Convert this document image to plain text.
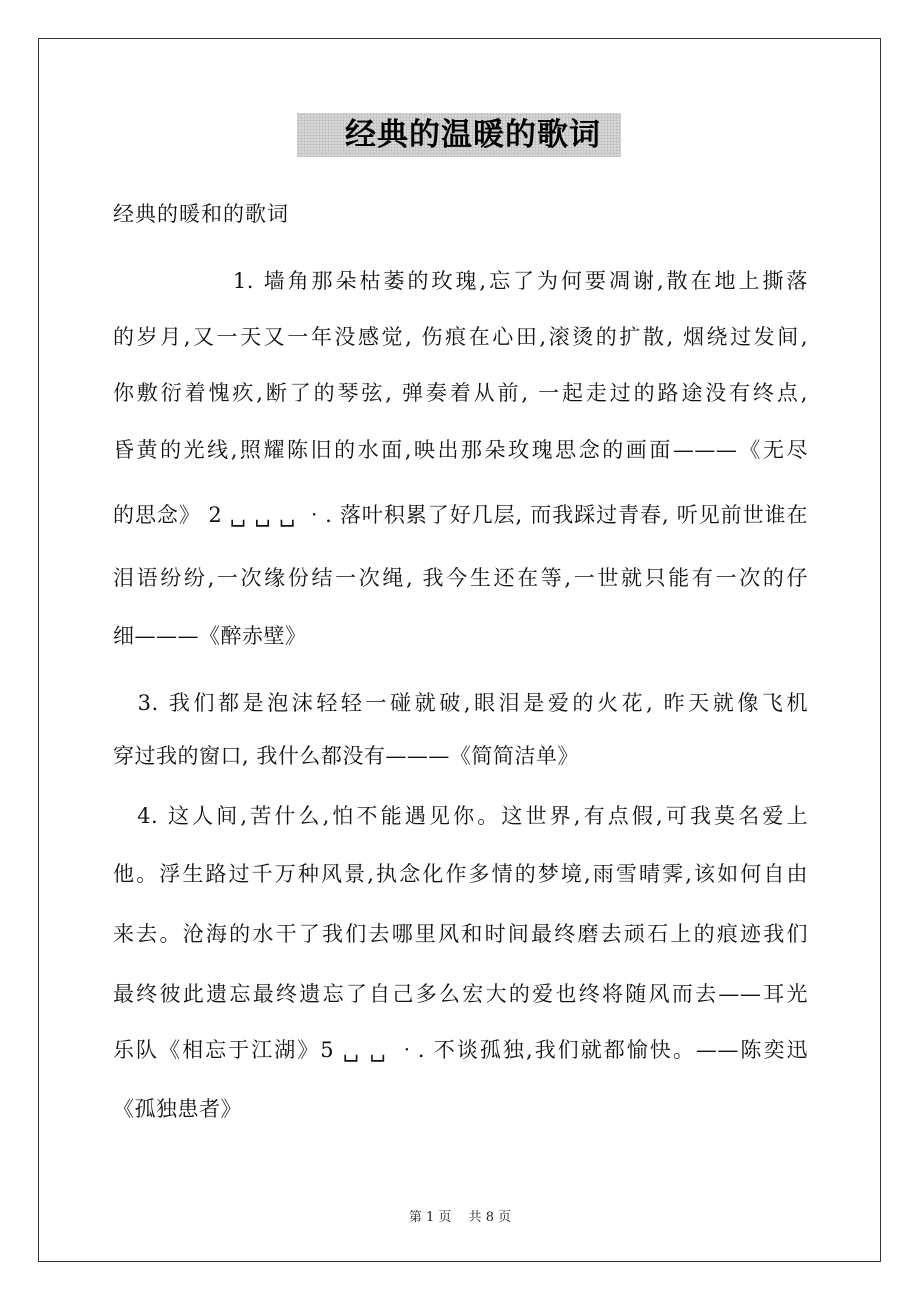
经典的温暖的歌词
经典的暖和的歌词
　　　　　1. 墙角那朵枯萎的玫瑰,忘了为何要凋谢,散在地上撕落
的岁月,又一天又一年没感觉, 伤痕在心田,滚烫的扩散, 烟绕过发间,
你敷衍着愧疚,断了的琴弦, 弹奏着从前, 一起走过的路途没有终点,
昏黄的光线,照耀陈旧的水面,映出那朵玫瑰思念的画面———《无尽
的思念》 2 ␣ ␣ ␣ ‧. 落叶积累了好几层, 而我踩过青春, 听见前世谁在
泪语纷纷,一次缘份结一次绳, 我今生还在等,一世就只能有一次的仔
细———《醉赤壁》
　3. 我们都是泡沫轻轻一碰就破,眼泪是爱的火花, 昨天就像飞机
穿过我的窗口, 我什么都没有———《简简洁单》
　4. 这人间,苦什么,怕不能遇见你。这世界,有点假,可我莫名爱上
他。浮生路过千万种风景,执念化作多情的梦境,雨雪晴霁,该如何自由
来去。沧海的水干了我们去哪里风和时间最终磨去顽石上的痕迹我们
最终彼此遗忘最终遗忘了自己多么宏大的爱也终将随风而去——耳光
乐队《相忘于江湖》5 ␣ ␣ ‧. 不谈孤独,我们就都愉快。——陈奕迅
《孤独患者》
第 1 页　 共 8 页
